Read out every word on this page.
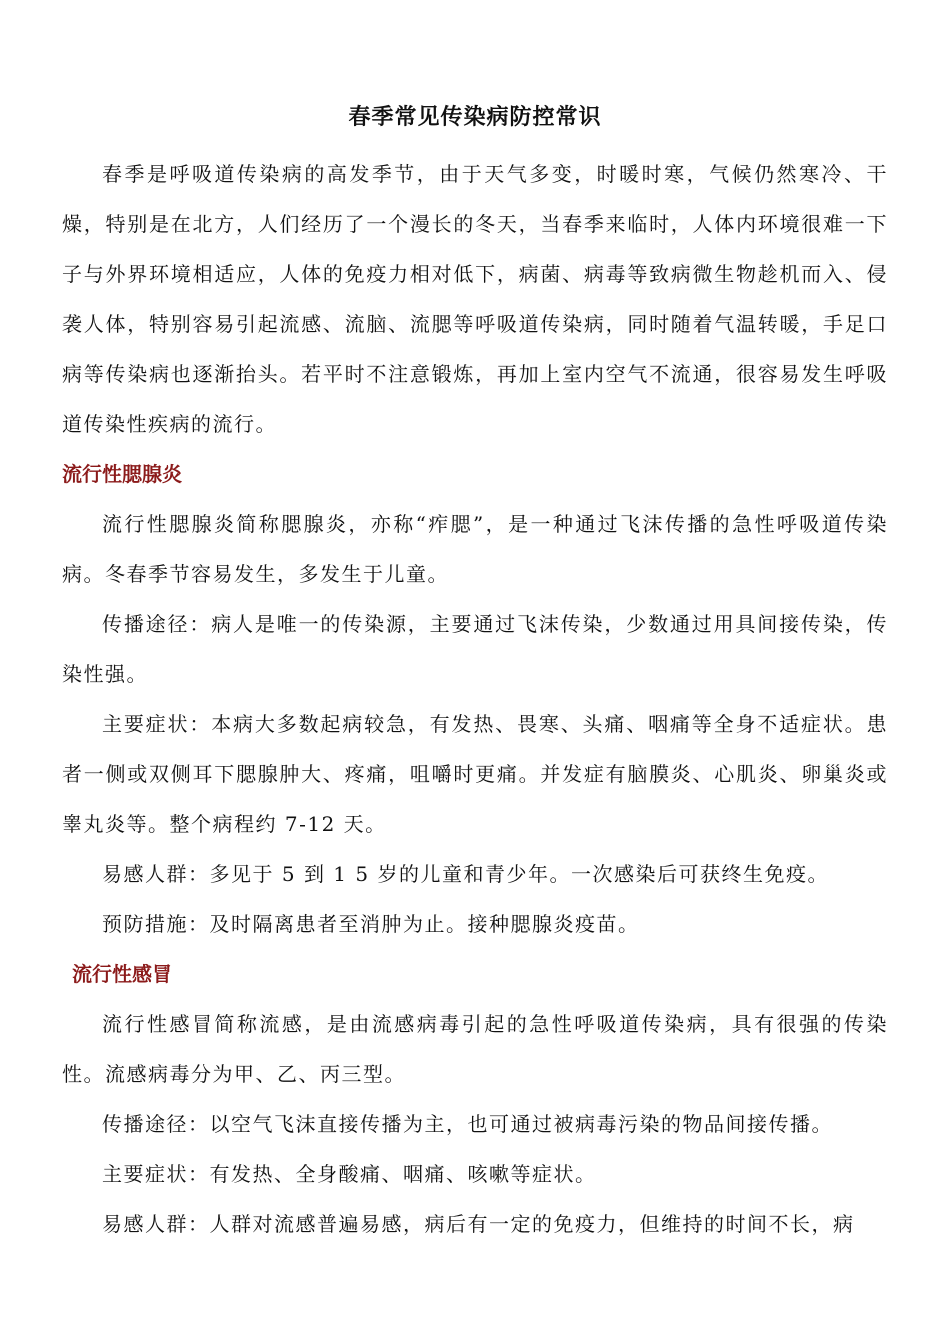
春季常见传染病防控常识

春季是呼吸道传染病的高发季节，由于天气多变，时暖时寒，气候仍然寒冷、干燥，特别是在北方，人们经历了一个漫长的冬天，当春季来临时，人体内环境很难一下子与外界环境相适应，人体的免疫力相对低下，病菌、病毒等致病微生物趁机而入、侵袭人体，特别容易引起流感、流脑、流腮等呼吸道传染病，同时随着气温转暖，手足口病等传染病也逐渐抬头。若平时不注意锻炼，再加上室内空气不流通，很容易发生呼吸道传染性疾病的流行。

流行性腮腺炎

流行性腮腺炎简称腮腺炎，亦称“痄腮”，是一种通过飞沫传播的急性呼吸道传染病。冬春季节容易发生，多发生于儿童。

传播途径：病人是唯一的传染源，主要通过飞沫传染，少数通过用具间接传染，传染性强。

主要症状：本病大多数起病较急，有发热、畏寒、头痛、咽痛等全身不适症状。患者一侧或双侧耳下腮腺肿大、疼痛，咀嚼时更痛。并发症有脑膜炎、心肌炎、卵巢炎或睾丸炎等。整个病程约 7-12 天。

易感人群：多见于 5 到 1 5 岁的儿童和青少年。一次感染后可获终生免疫。

预防措施：及时隔离患者至消肿为止。接种腮腺炎疫苗。

流行性感冒

流行性感冒简称流感，是由流感病毒引起的急性呼吸道传染病，具有很强的传染性。流感病毒分为甲、乙、丙三型。

传播途径：以空气飞沫直接传播为主，也可通过被病毒污染的物品间接传播。

主要症状：有发热、全身酸痛、咽痛、咳嗽等症状。

易感人群：人群对流感普遍易感，病后有一定的免疫力，但维持的时间不长，病
